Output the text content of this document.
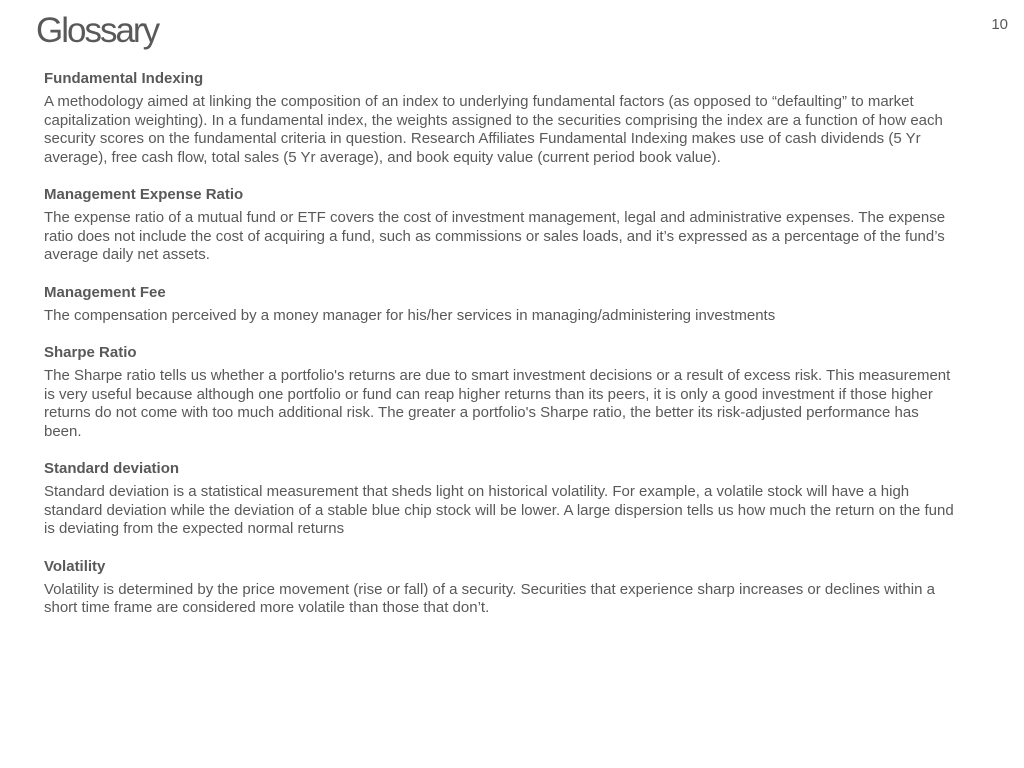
Glossary	10
Fundamental Indexing

A methodology aimed at linking the composition of an index to underlying fundamental factors (as opposed to “defaulting” to market capitalization weighting). In a fundamental index, the weights assigned to the securities comprising the index are a function of how each security scores on the fundamental criteria in question. Research Affiliates Fundamental Indexing makes use of cash dividends (5 Yr average), free cash flow, total sales (5 Yr average), and book equity value (current period book value).

Management Expense Ratio

The expense ratio of a mutual fund or ETF covers the cost of investment management, legal and administrative expenses. The expense ratio does not include the cost of acquiring a fund, such as commissions or sales loads, and it’s expressed as a percentage of the fund’s average daily net assets.

Management Fee

The compensation perceived by a money manager for his/her services in managing/administering investments

Sharpe Ratio

The Sharpe ratio tells us whether a portfolio's returns are due to smart investment decisions or a result of excess risk. This measurement is very useful because although one portfolio or fund can reap higher returns than its peers, it is only a good investment if those higher returns do not come with too much additional risk. The greater a portfolio's Sharpe ratio, the better its risk-adjusted performance has been.

Standard deviation

Standard deviation is a statistical measurement that sheds light on historical volatility. For example, a volatile stock will have a high standard deviation while the deviation of a stable blue chip stock will be lower. A large dispersion tells us how much the return on the fund is deviating from the expected normal returns

Volatility

Volatility is determined by the price movement (rise or fall) of a security. Securities that experience sharp increases or declines within a short time frame are considered more volatile than those that don’t.
